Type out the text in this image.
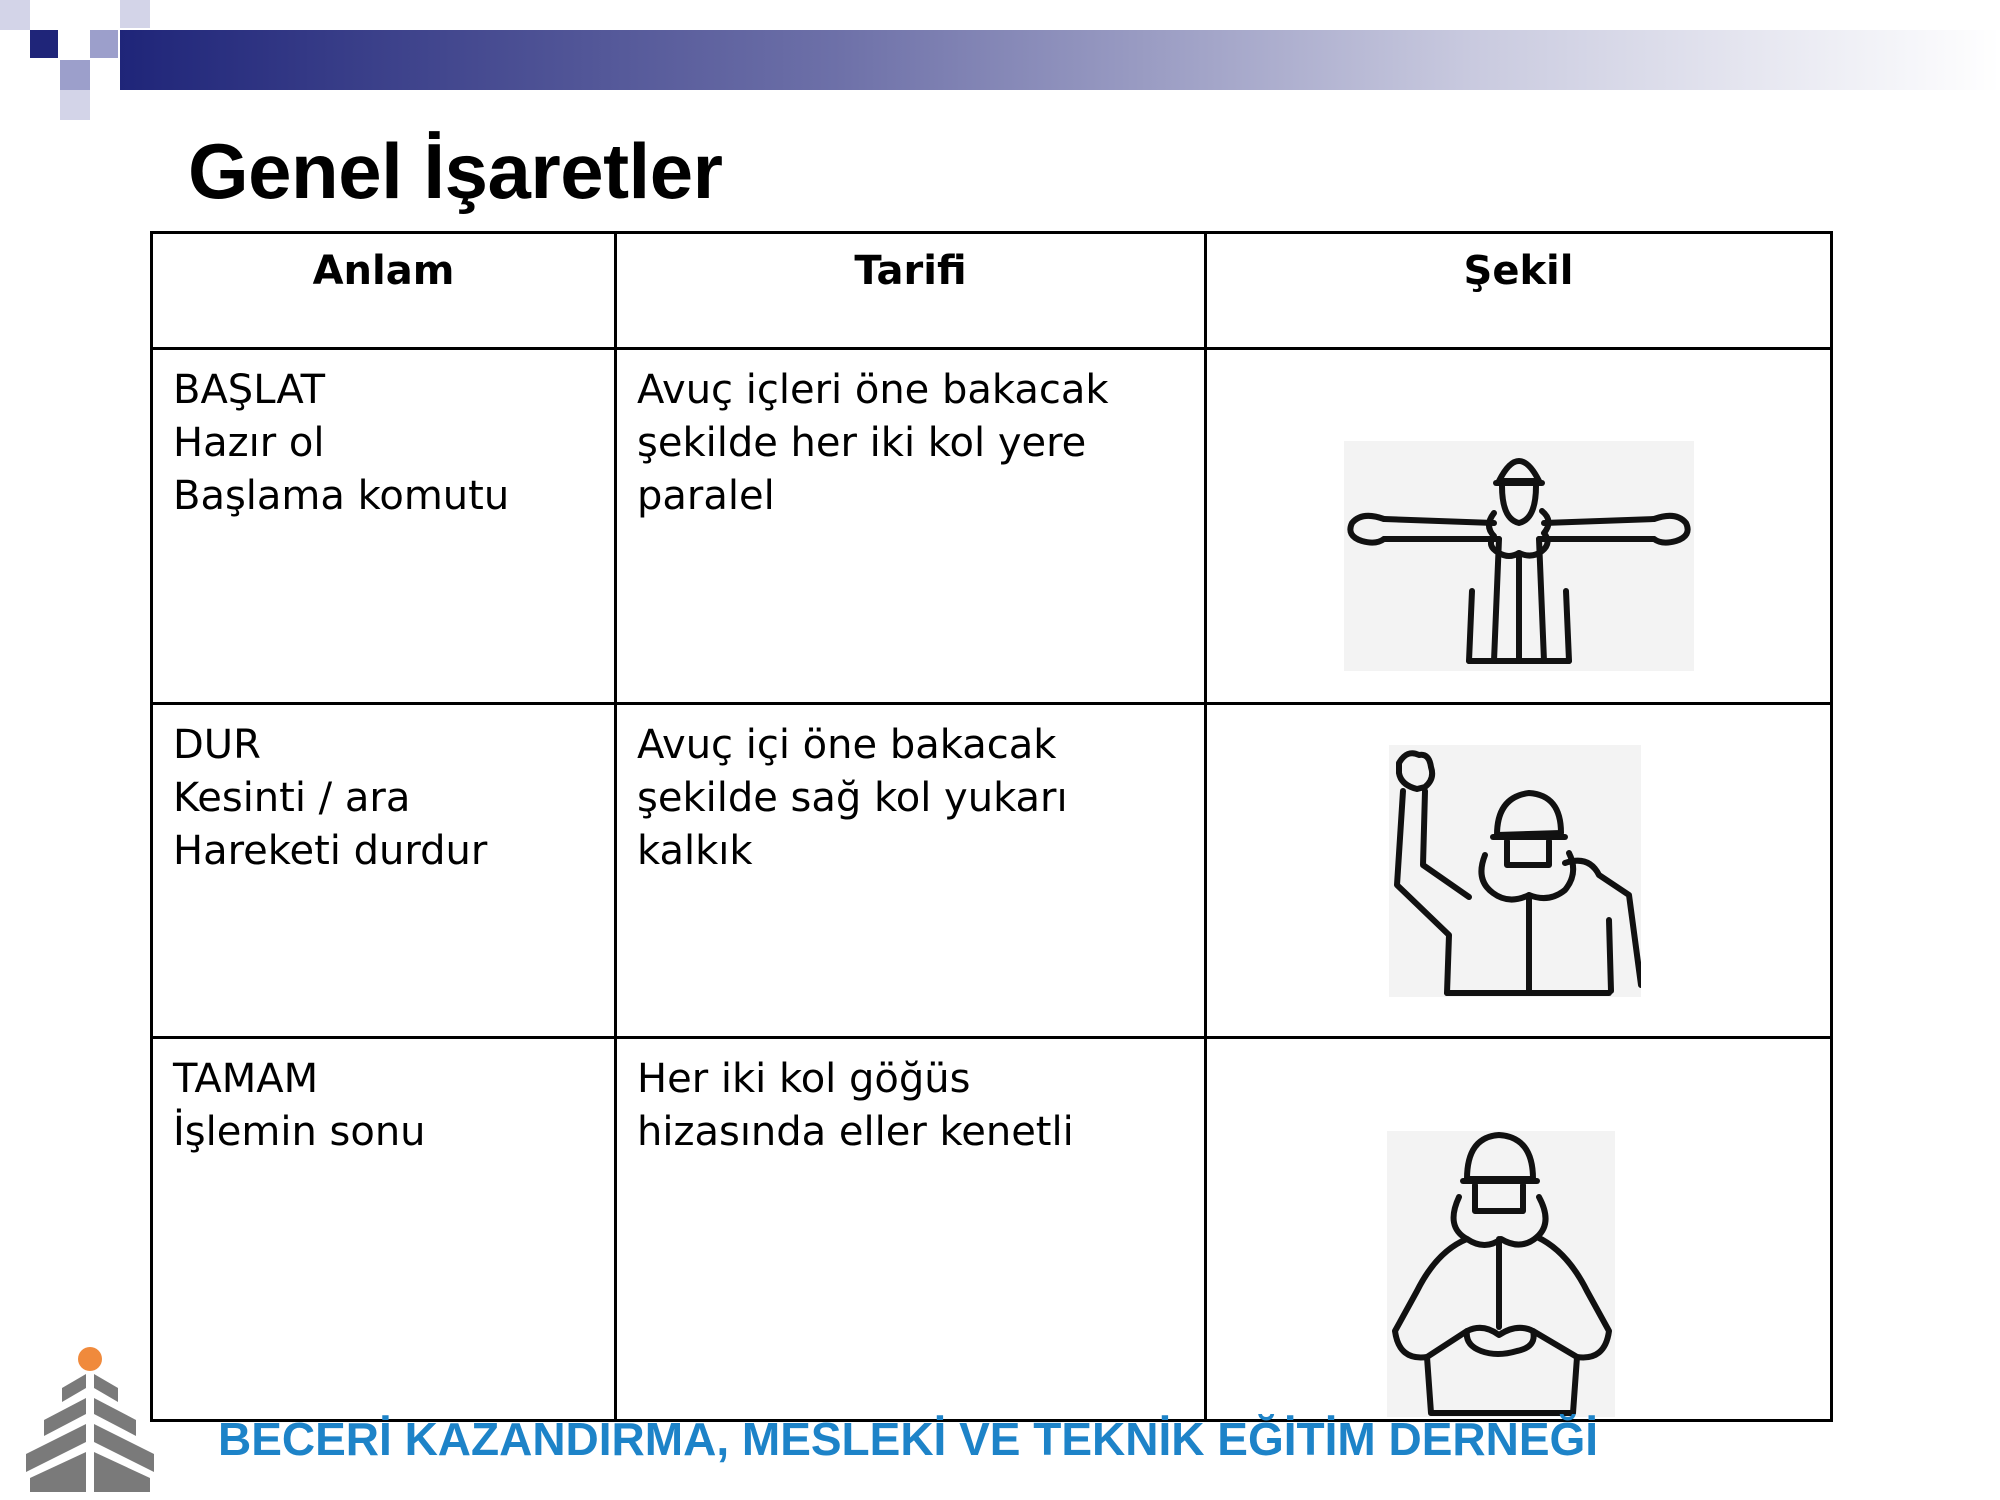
Genel İşaretler
Anlam	Tarifi	Şekil

BAŞLAT
Hazır ol
Başlama komutu	Avuç içleri öne bakacak
şekilde her iki kol yere
paralel

DUR
Kesinti / ara
Hareketi durdur	Avuç içi öne bakacak
şekilde sağ kol yukarı
kalkık

TAMAM
İşlemin sonu	Her iki kol göğüs
hizasında eller kenetli

BECERİ KAZANDIRMA, MESLEKİ VE TEKNİK EĞİTİM DERNEĞİ
